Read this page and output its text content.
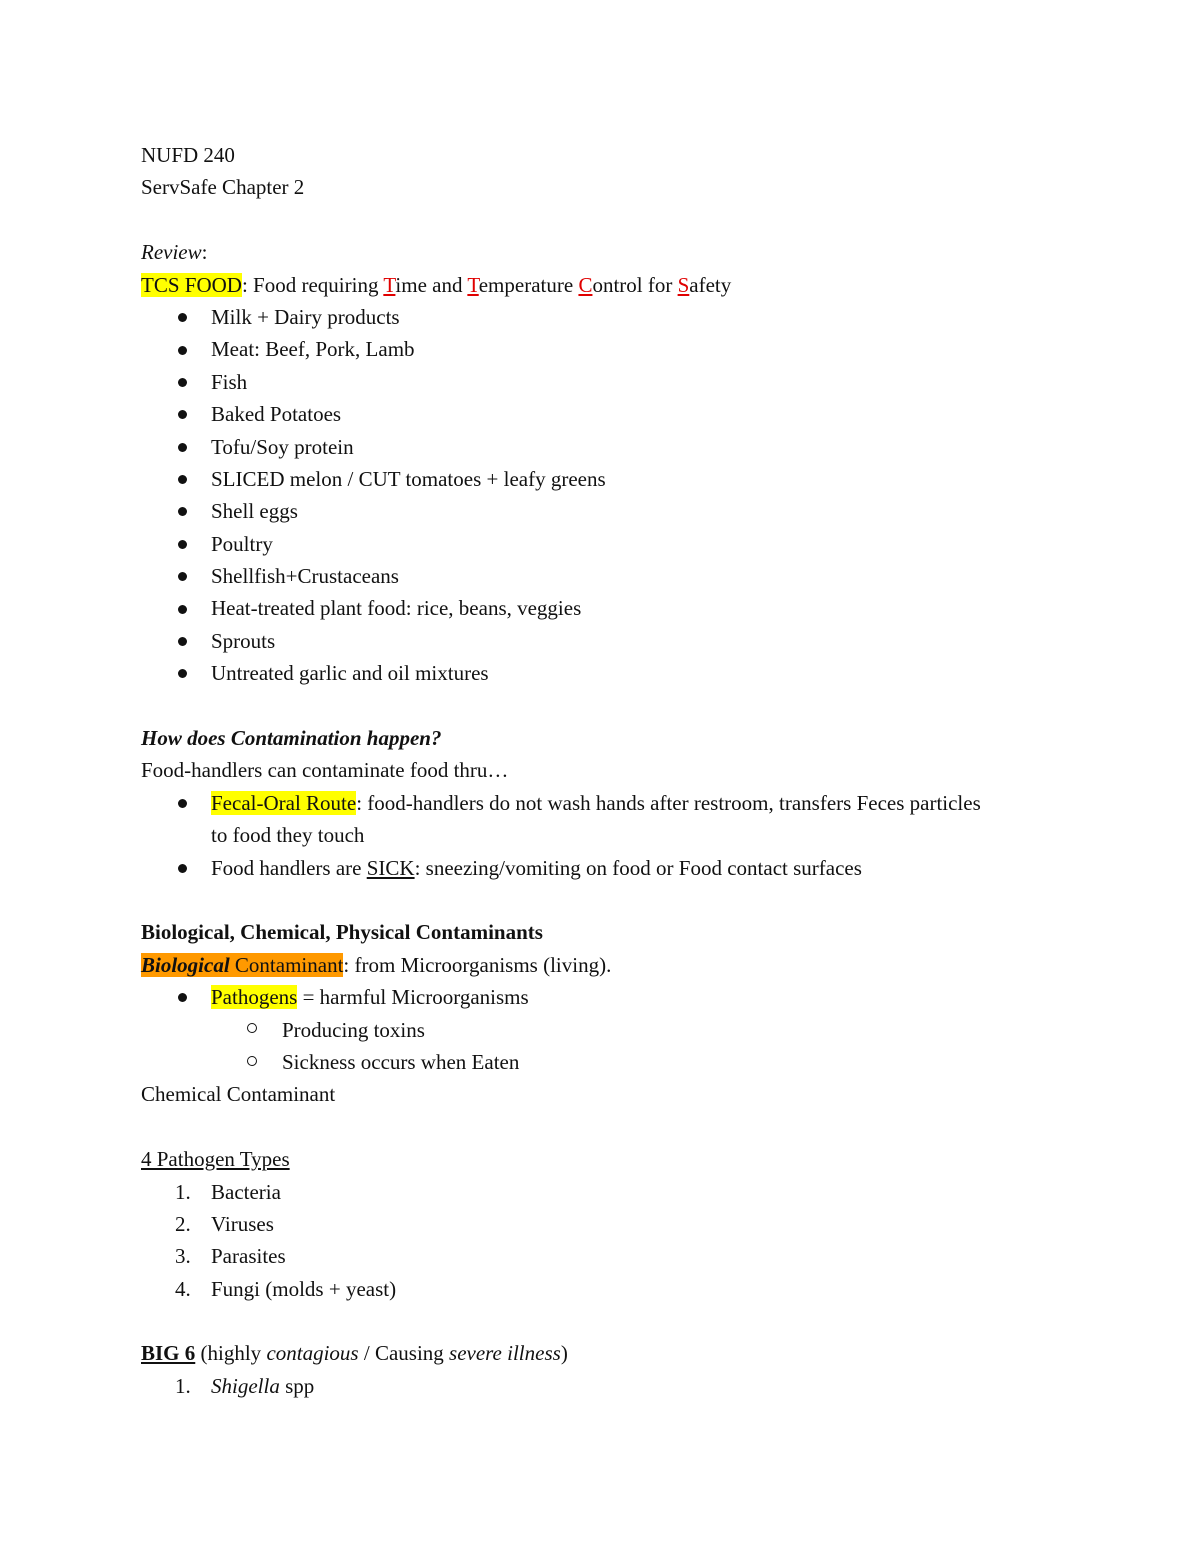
NUFD 240
ServSafe Chapter 2
Review:
TCS FOOD: Food requiring Time and Temperature Control for Safety
Milk + Dairy products
Meat: Beef, Pork, Lamb
Fish
Baked Potatoes
Tofu/Soy protein
SLICED melon / CUT tomatoes + leafy greens
Shell eggs
Poultry
Shellfish+Crustaceans
Heat-treated plant food: rice, beans, veggies
Sprouts
Untreated garlic and oil mixtures
How does Contamination happen?
Food-handlers can contaminate food thru…
Fecal-Oral Route: food-handlers do not wash hands after restroom, transfers Feces particles to food they touch
Food handlers are SICK: sneezing/vomiting on food or Food contact surfaces
Biological, Chemical, Physical Contaminants
Biological Contaminant: from Microorganisms (living).
Pathogens = harmful Microorganisms
Producing toxins
Sickness occurs when Eaten
Chemical Contaminant
4 Pathogen Types
1. Bacteria
2. Viruses
3. Parasites
4. Fungi (molds + yeast)
BIG 6 (highly contagious / Causing severe illness)
1. Shigella spp
